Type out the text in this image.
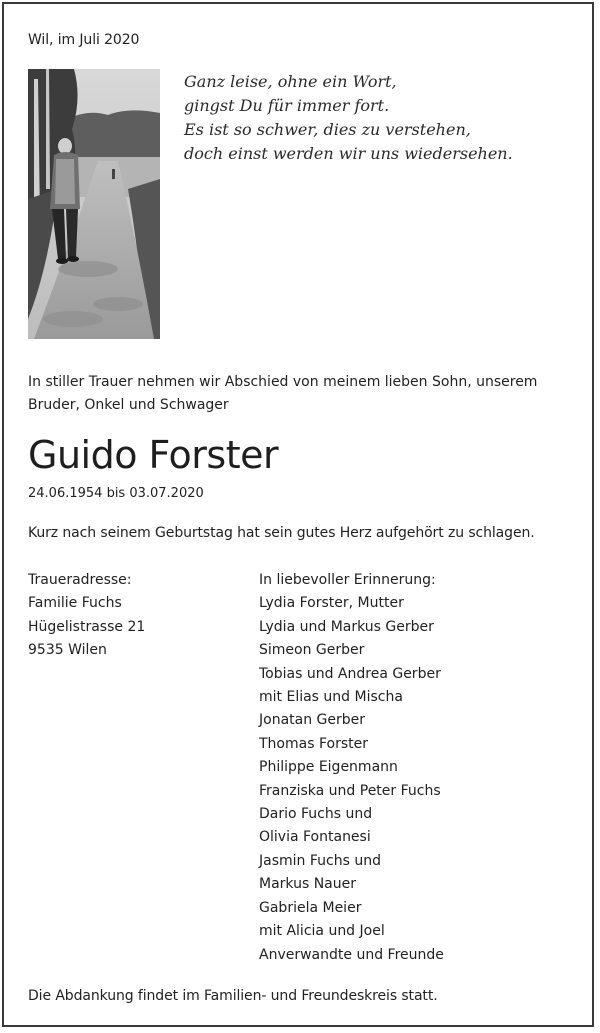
Wil, im Juli 2020
Ganz leise, ohne ein Wort,
gingst Du für immer fort.
Es ist so schwer, dies zu verstehen,
doch einst werden wir uns wiedersehen.
In stiller Trauer nehmen wir Abschied von meinem lieben Sohn, unserem Bruder, Onkel und Schwager
Guido Forster
24.06.1954 bis 03.07.2020
Kurz nach seinem Geburtstag hat sein gutes Herz aufgehört zu schlagen.
Traueradresse:
Familie Fuchs
Hügelistrasse 21
9535 Wilen
In liebevoller Erinnerung:
Lydia Forster, Mutter
Lydia und Markus Gerber
Simeon Gerber
Tobias und Andrea Gerber
mit Elias und Mischa
Jonatan Gerber
Thomas Forster
Philippe Eigenmann
Franziska und Peter Fuchs
Dario Fuchs und
Olivia Fontanesi
Jasmin Fuchs und
Markus Nauer
Gabriela Meier
mit Alicia und Joel
Anverwandte und Freunde
Die Abdankung findet im Familien- und Freundeskreis statt.
